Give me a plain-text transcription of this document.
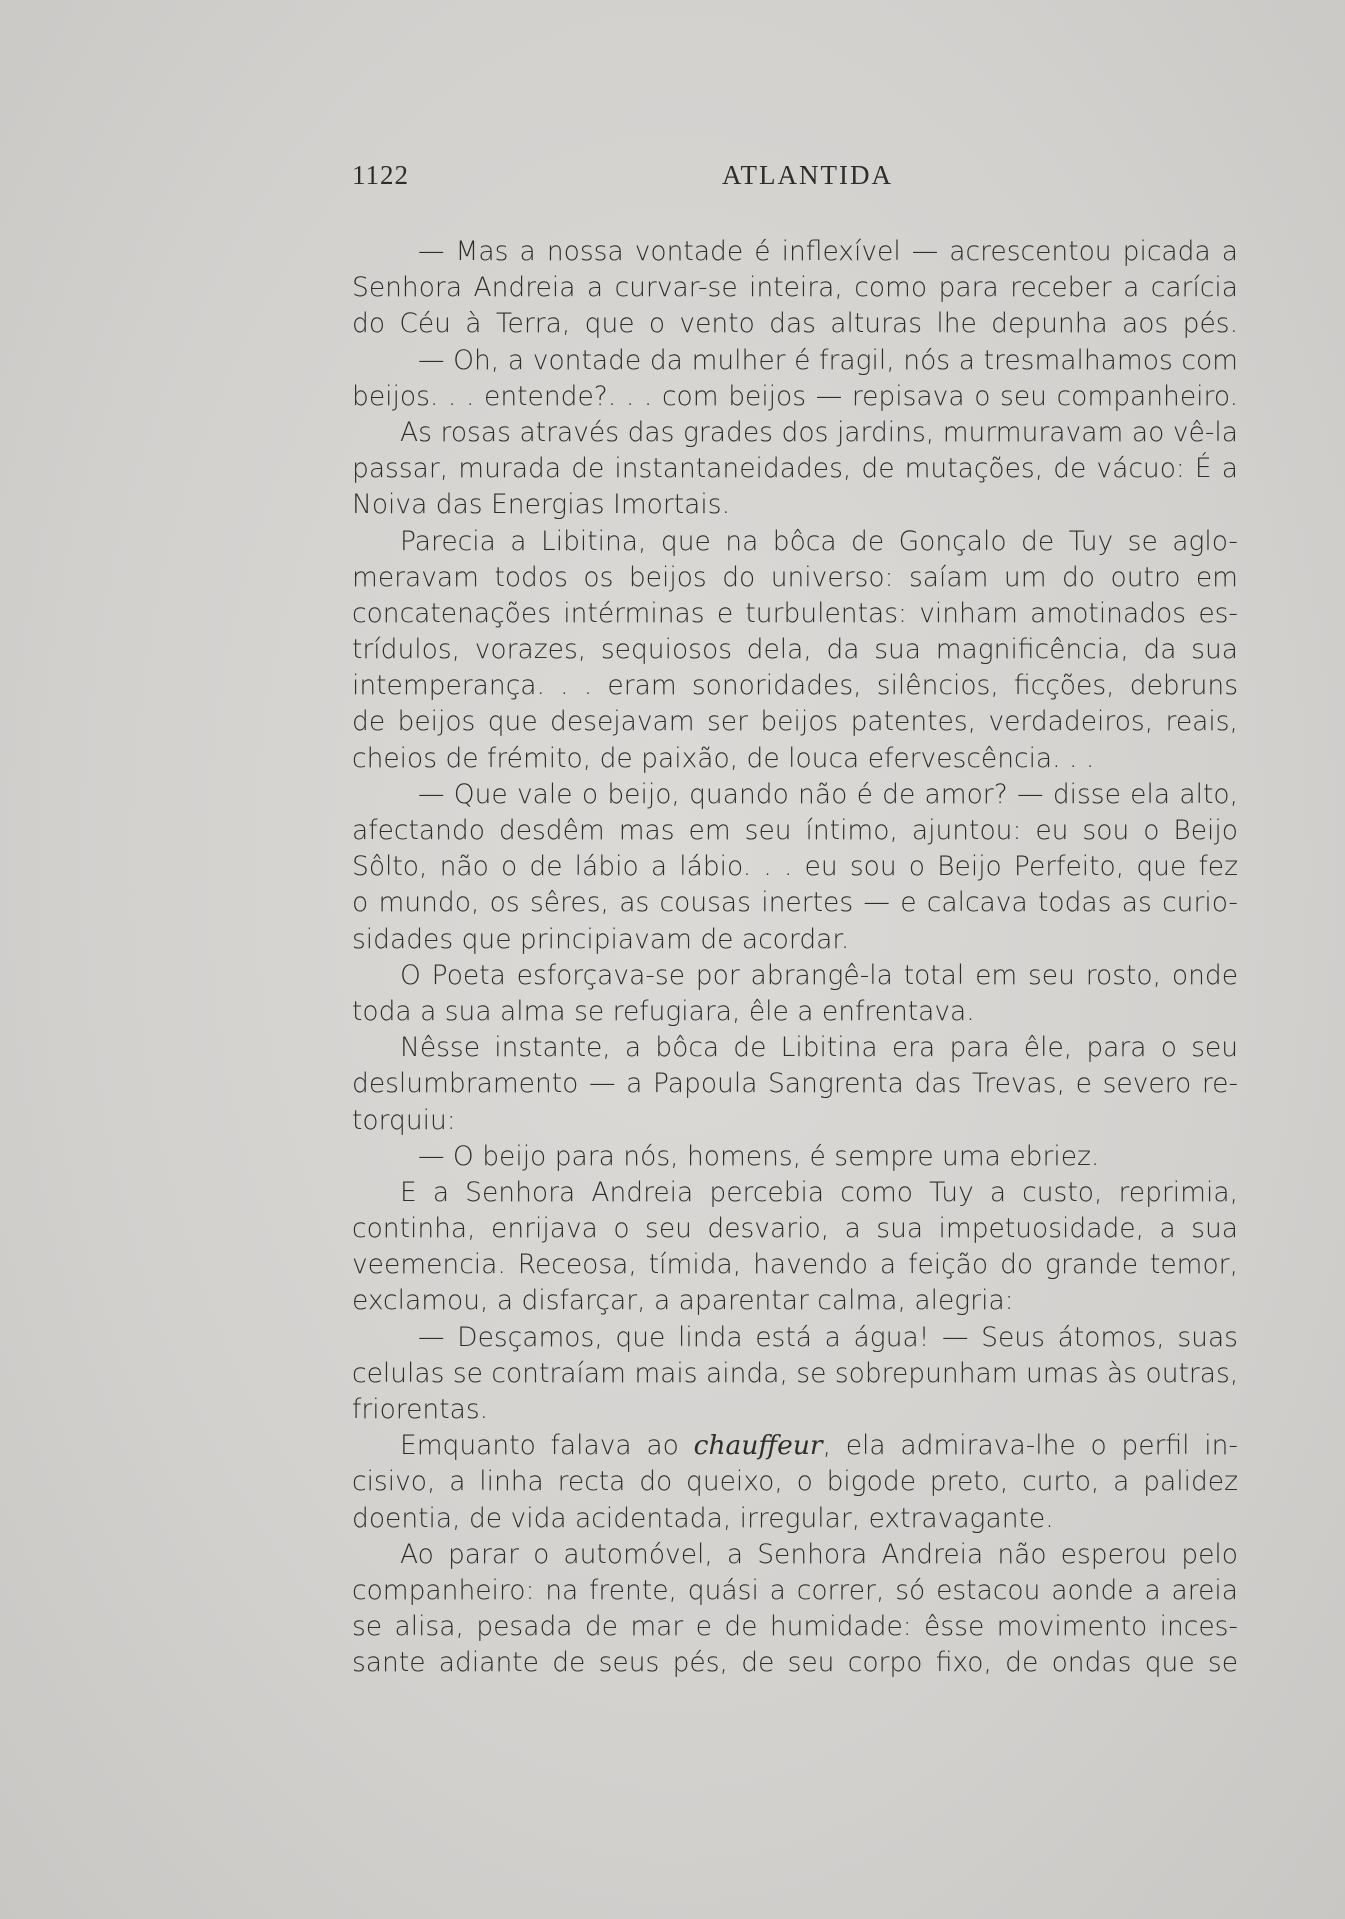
1122	ATLANTIDA
— Mas a nossa vontade é inflexível — acrescentou picada a
Senhora Andreia a curvar-se inteira, como para receber a carícia
do Céu à Terra, que o vento das alturas lhe depunha aos pés.
— Oh, a vontade da mulher é fragil, nós a tresmalhamos com
beijos. . . entende?. . . com beijos — repisava o seu companheiro.
As rosas através das grades dos jardins, murmuravam ao vê-la
passar, murada de instantaneidades, de mutações, de vácuo: É a
Noiva das Energias Imortais.
Parecia a Libitina, que na bôca de Gonçalo de Tuy se aglo-
meravam todos os beijos do universo: saíam um do outro em
concatenações intérminas e turbulentas: vinham amotinados es-
trídulos, vorazes, sequiosos dela, da sua magnificência, da sua
intemperança. . . eram sonoridades, silêncios, ficções, debruns
de beijos que desejavam ser beijos patentes, verdadeiros, reais,
cheios de frémito, de paixão, de louca efervescência. . .
— Que vale o beijo, quando não é de amor? — disse ela alto,
afectando desdêm mas em seu íntimo, ajuntou: eu sou o Beijo
Sôlto, não o de lábio a lábio. . . eu sou o Beijo Perfeito, que fez
o mundo, os sêres, as cousas inertes — e calcava todas as curio-
sidades que principiavam de acordar.
O Poeta esforçava-se por abrangê-la total em seu rosto, onde
toda a sua alma se refugiara, êle a enfrentava.
Nêsse instante, a bôca de Libitina era para êle, para o seu
deslumbramento — a Papoula Sangrenta das Trevas, e severo re-
torquiu:
— O beijo para nós, homens, é sempre uma ebriez.
E a Senhora Andreia percebia como Tuy a custo, reprimia,
continha, enrijava o seu desvario, a sua impetuosidade, a sua
veemencia. Receosa, tímida, havendo a feição do grande temor,
exclamou, a disfarçar, a aparentar calma, alegria:
— Desçamos, que linda está a água! — Seus átomos, suas
celulas se contraíam mais ainda, se sobrepunham umas às outras,
friorentas.
Emquanto falava ao chauffeur, ela admirava-lhe o perfil in-
cisivo, a linha recta do queixo, o bigode preto, curto, a palidez
doentia, de vida acidentada, irregular, extravagante.
Ao parar o automóvel, a Senhora Andreia não esperou pelo
companheiro: na frente, quási a correr, só estacou aonde a areia
se alisa, pesada de mar e de humidade: êsse movimento inces-
sante adiante de seus pés, de seu corpo fixo, de ondas que se
